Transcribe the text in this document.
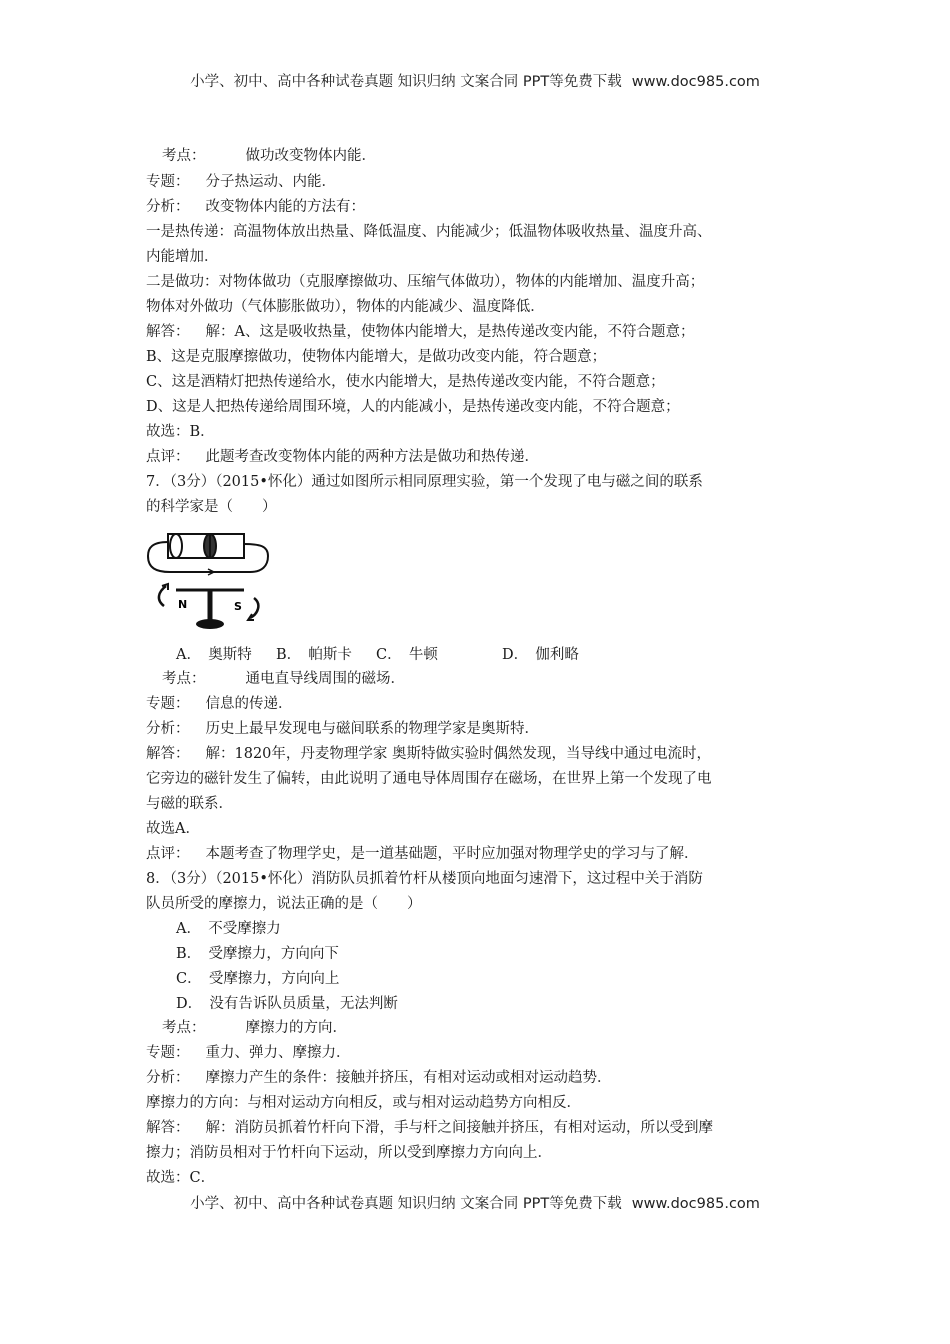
小学、初中、高中各种试卷真题 知识归纳 文案合同 PPT等免费下载 www.doc985.com
考点：	做功改变物体内能．
专题： 分子热运动、内能．
分析： 改变物体内能的方法有：
一是热传递：高温物体放出热量、降低温度、内能减少；低温物体吸收热量、温度升高、
内能增加．
二是做功：对物体做功（克服摩擦做功、压缩气体做功），物体的内能增加、温度升高；
物体对外做功（气体膨胀做功），物体的内能减少、温度降低．
解答： 解：A、这是吸收热量，使物体内能增大，是热传递改变内能，不符合题意；
B、这是克服摩擦做功，使物体内能增大，是做功改变内能，符合题意；
C、这是酒精灯把热传递给水，使水内能增大，是热传递改变内能，不符合题意；
D、这是人把热传递给周围环境，人的内能减小，是热传递改变内能，不符合题意；
故选：B．
点评： 此题考查改变物体内能的两种方法是做功和热传递．
7．（3分）（2015•怀化）通过如图所示相同原理实验，第一个发现了电与磁之间的联系
的科学家是（　　）
N	S
A．　奥斯特 B．　帕斯卡 C．　牛顿	D．　伽利略
考点：	通电直导线周围的磁场．
专题： 信息的传递．
分析： 历史上最早发现电与磁间联系的物理学家是奥斯特．
解答： 解：1820年，丹麦物理学家 奥斯特做实验时偶然发现，当导线中通过电流时，
它旁边的磁针发生了偏转，由此说明了通电导体周围存在磁场，在世界上第一个发现了电
与磁的联系．
故选A．
点评： 本题考查了物理学史，是一道基础题，平时应加强对物理学史的学习与了解．
8．（3分）（2015•怀化）消防队员抓着竹杆从楼顶向地面匀速滑下，这过程中关于消防
队员所受的摩擦力，说法正确的是（　　）
A．　不受摩擦力
B．　受摩擦力，方向向下
C．　受摩擦力，方向向上
D．　没有告诉队员质量，无法判断
考点：	摩擦力的方向．
专题： 重力、弹力、摩擦力．
分析： 摩擦力产生的条件：接触并挤压，有相对运动或相对运动趋势．
摩擦力的方向：与相对运动方向相反，或与相对运动趋势方向相反．
解答： 解：消防员抓着竹杆向下滑，手与杆之间接触并挤压，有相对运动，所以受到摩
擦力；消防员相对于竹杆向下运动，所以受到摩擦力方向向上．
故选：C．
小学、初中、高中各种试卷真题 知识归纳 文案合同 PPT等免费下载 www.doc985.com
